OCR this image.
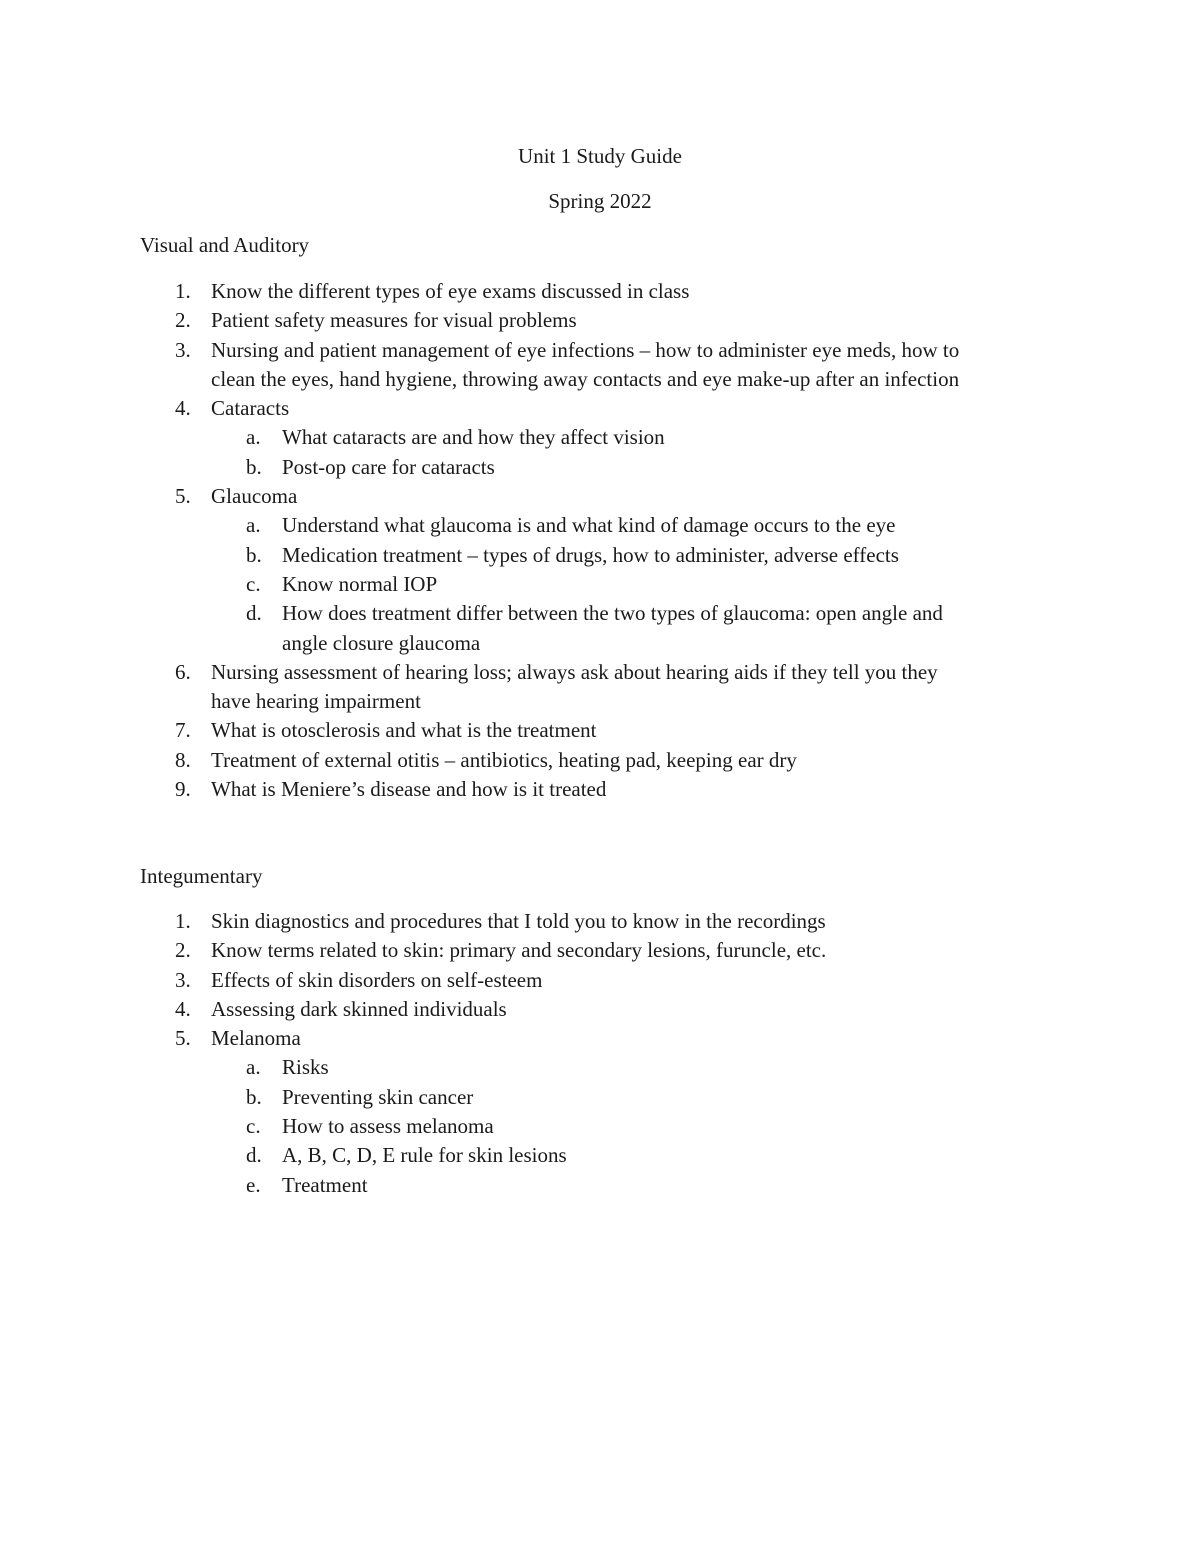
Unit 1 Study Guide
Spring 2022
Visual and Auditory
1. Know the different types of eye exams discussed in class
2. Patient safety measures for visual problems
3. Nursing and patient management of eye infections – how to administer eye meds, how to
clean the eyes, hand hygiene, throwing away contacts and eye make-up after an infection
4. Cataracts
a. What cataracts are and how they affect vision
b. Post-op care for cataracts
5. Glaucoma
a. Understand what glaucoma is and what kind of damage occurs to the eye
b. Medication treatment – types of drugs, how to administer, adverse effects
c. Know normal IOP
d. How does treatment differ between the two types of glaucoma: open angle and
angle closure glaucoma
6. Nursing assessment of hearing loss; always ask about hearing aids if they tell you they
have hearing impairment
7. What is otosclerosis and what is the treatment
8. Treatment of external otitis – antibiotics, heating pad, keeping ear dry
9. What is Meniere’s disease and how is it treated
Integumentary
1. Skin diagnostics and procedures that I told you to know in the recordings
2. Know terms related to skin: primary and secondary lesions, furuncle, etc.
3. Effects of skin disorders on self-esteem
4. Assessing dark skinned individuals
5. Melanoma
a. Risks
b. Preventing skin cancer
c. How to assess melanoma
d. A, B, C, D, E rule for skin lesions
e. Treatment
